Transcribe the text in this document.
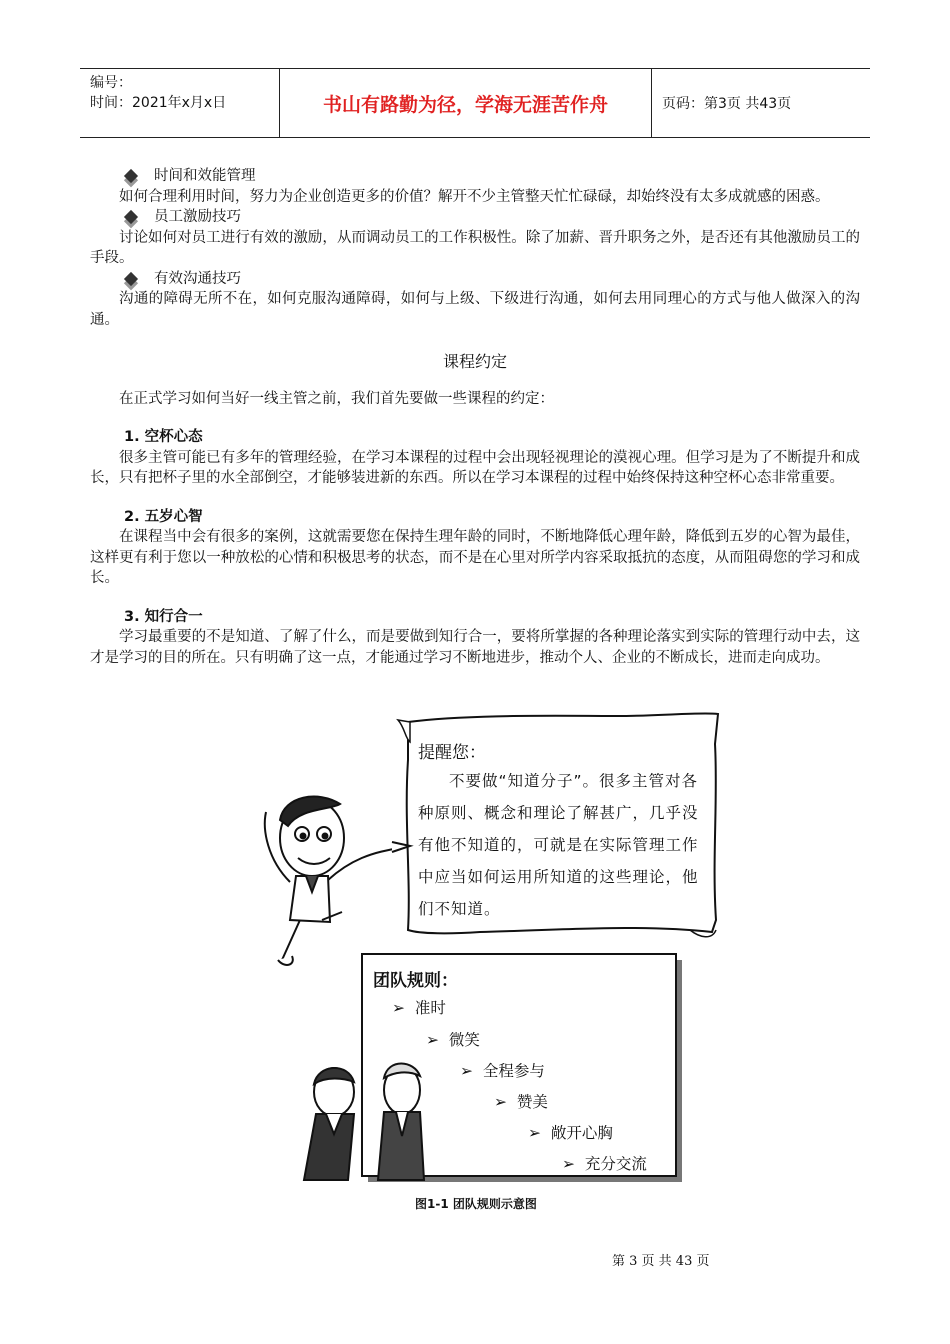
编号：
时间：2021年x月x日	书山有路勤为径，学海无涯苦作舟	页码：第3页 共43页
时间和效能管理

如何合理利用时间，努力为企业创造更多的价值？解开不少主管整天忙忙碌碌，却始终没有太多成就感的困惑。

员工激励技巧

讨论如何对员工进行有效的激励，从而调动员工的工作积极性。除了加薪、晋升职务之外，是否还有其他激励员工的手段。

有效沟通技巧

沟通的障碍无所不在，如何克服沟通障碍，如何与上级、下级进行沟通，如何去用同理心的方式与他人做深入的沟通。

课程约定

在正式学习如何当好一线主管之前，我们首先要做一些课程的约定：

1. 空杯心态

很多主管可能已有多年的管理经验，在学习本课程的过程中会出现轻视理论的漠视心理。但学习是为了不断提升和成长，只有把杯子里的水全部倒空，才能够装进新的东西。所以在学习本课程的过程中始终保持这种空杯心态非常重要。

2. 五岁心智

在课程当中会有很多的案例，这就需要您在保持生理年龄的同时，不断地降低心理年龄，降低到五岁的心智为最佳，这样更有利于您以一种放松的心情和积极思考的状态，而不是在心里对所学内容采取抵抗的态度，从而阻碍您的学习和成长。

3. 知行合一

学习最重要的不是知道、了解了什么，而是要做到知行合一，要将所掌握的各种理论落实到实际的管理行动中去，这才是学习的目的所在。只有明确了这一点，才能通过学习不断地进步，推动个人、企业的不断成长，进而走向成功。

提醒您：
不要做“知道分子”。很多主管对各种原则、概念和理论了解甚广，几乎没有他不知道的，可就是在实际管理工作中应当如何运用所知道的这些理论，他们不知道。
团队规则：
➢  准时
➢  微笑
➢  全程参与
➢  赞美
➢  敞开心胸
➢  充分交流
图1-1 团队规则示意图
第 3 页 共 43 页
